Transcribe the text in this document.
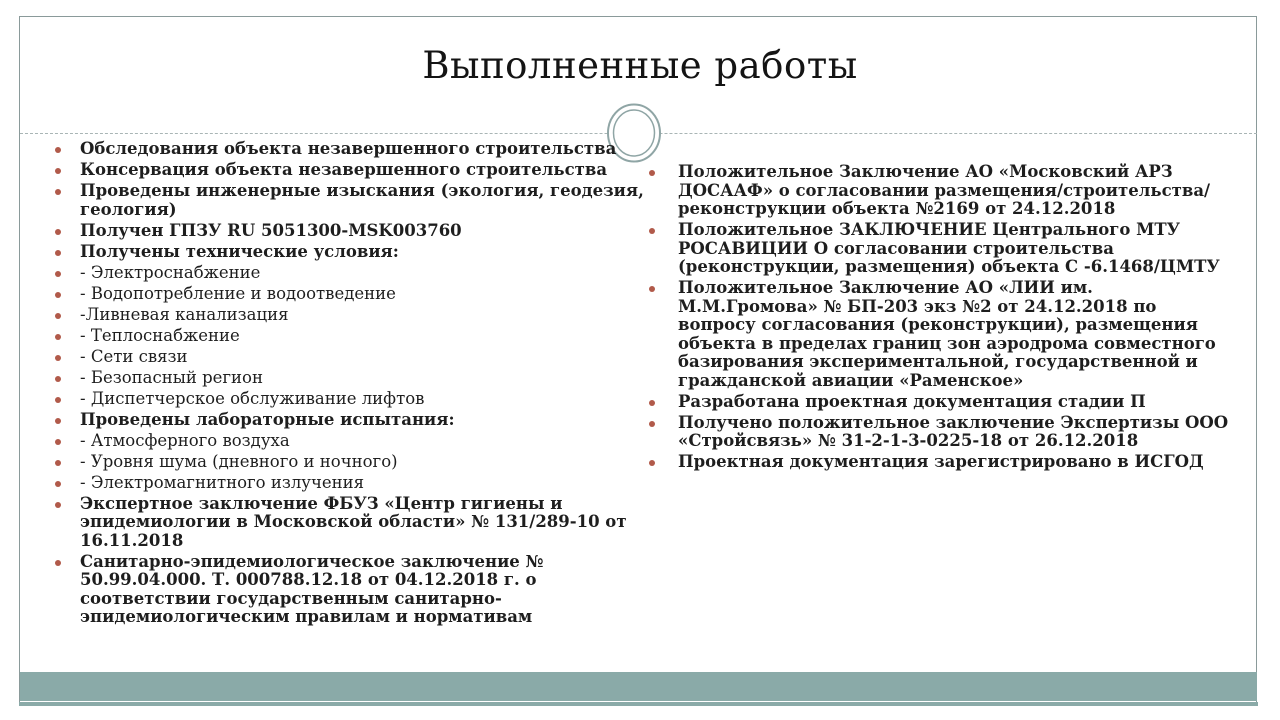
Выполненные работы
Обследования объекта незавершенного строительства
Консервация объекта незавершенного строительства
Проведены инженерные изыскания (экология, геодезия, геология)
Получен ГПЗУ RU 5051300-MSK003760
Получены технические условия:
- Электроснабжение
- Водопотребление и водоотведение
-Ливневая канализация
- Теплоснабжение
- Сети связи
- Безопасный регион
- Диспетчерское обслуживание лифтов
Проведены лабораторные испытания:
- Атмосферного воздуха
- Уровня шума (дневного и ночного)
- Электромагнитного излучения
Экспертное заключение ФБУЗ «Центр гигиены и эпидемиологии в Московской области» № 131/289-10 от 16.11.2018
Санитарно-эпидемиологическое заключение № 50.99.04.000. Т. 000788.12.18 от 04.12.2018 г. о соответствии государственным санитарно-эпидемиологическим правилам и нормативам
Положительное Заключение АО «Московский АРЗ ДОСААФ» о согласовании размещения/строительства/ реконструкции объекта №2169 от 24.12.2018
Положительное ЗАКЛЮЧЕНИЕ Центрального МТУ РОСАВИЦИИ О согласовании строительства (реконструкции, размещения) объекта С -6.1468/ЦМТУ
Положительное Заключение АО «ЛИИ им. М.М.Громова» № БП-203 экз №2 от 24.12.2018 по вопросу согласования (реконструкции), размещения объекта в пределах границ зон аэродрома совместного базирования экспериментальной, государственной и гражданской авиации «Раменское»
Разработана проектная документация стадии П
Получено положительное заключение Экспертизы ООО «Стройсвязь» № 31-2-1-3-0225-18 от 26.12.2018
Проектная документация зарегистрировано в ИСГОД
